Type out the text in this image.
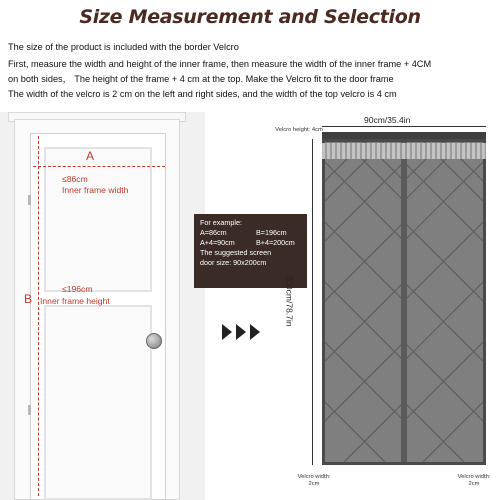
Size Measurement and Selection
The size of the product is included with the border Velcro
First, measure the width and height of the inner frame, then measure the width of the inner frame + 4CM
on both sides， The height of the frame + 4 cm at the top. Make the Velcro fit to the door frame
The width of the velcro is 2 cm on the left and right sides, and the width of the top velcro is 4 cm
A
≤86cm
Inner frame width
B
≤196cm
Inner frame height
For example:
A=86cm	B=196cm
A+4=90cm	B+4=200cm
The suggested screen
door size: 90x200cm
90cm/35.4in
200cm/78.7in
Velcro height: 4cm
Velcro width: 2cm
Velcro width: 2cm
